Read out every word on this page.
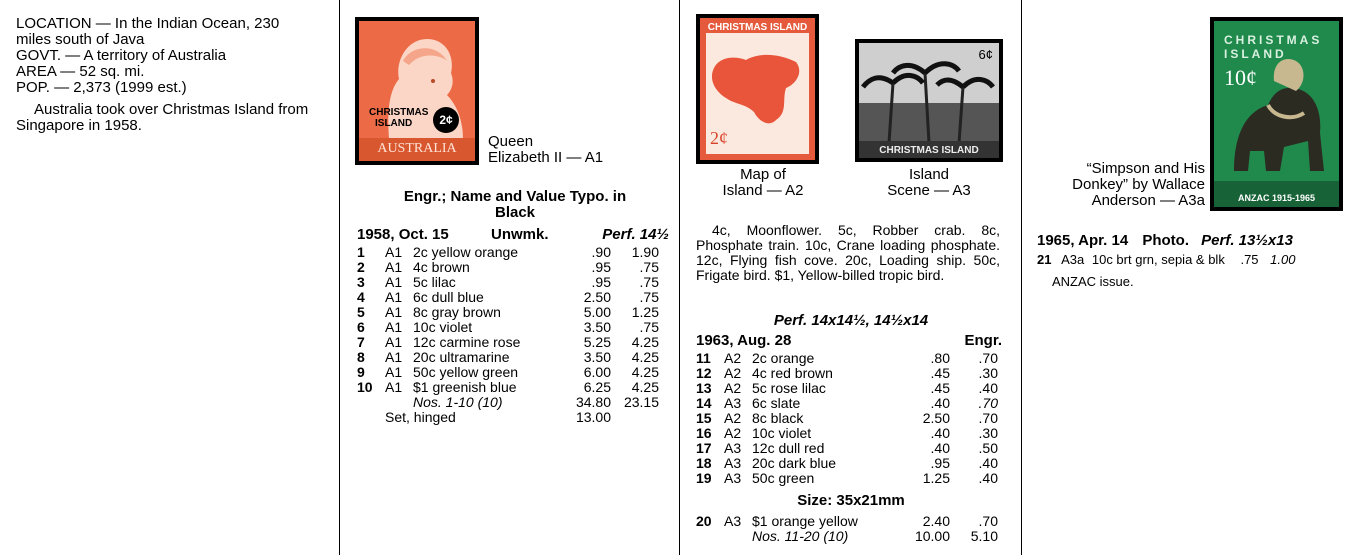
LOCATION — In the Indian Ocean, 230
miles south of Java
GOVT. — A territory of Australia
AREA — 52 sq. mi.
POP. — 2,373 (1999 est.)

Australia took over Christmas Island from Singapore in 1958.

CHRISTMAS
ISLAND	2¢
AUSTRALIA	Queen
Elizabeth II — A1
Engr.; Name and Value Typo. in
Black
1958, Oct. 15	Unwmk.	Perf. 14½
1	A1	2c yellow orange	.90	1.90
2	A1	4c brown	.95	.75
3	A1	5c lilac	.95	.75
4	A1	6c dull blue	2.50	.75
5	A1	8c gray brown	5.00	1.25
6	A1	10c violet	3.50	.75
7	A1	12c carmine rose	5.25	4.25
8	A1	20c ultramarine	3.50	4.25
9	A1	50c yellow green	6.00	4.25
10	A1	$1 greenish blue	6.25	4.25
		Nos. 1-10 (10)	34.80	23.15
	Set, hinged		13.00	
CHRISTMAS ISLAND
2¢
6¢
CHRISTMAS ISLAND
Map of
Island — A2
Island
Scene — A3
4c, Moonflower. 5c, Robber crab. 8c, Phosphate train. 10c, Crane loading phosphate. 12c, Flying fish cove. 20c, Loading ship. 50c, Frigate bird. $1, Yellow-billed tropic bird.
Perf. 14x14½, 14½x14
1963, Aug. 28	Engr.
11	A2	2c orange	.80	.70
12	A2	4c red brown	.45	.30
13	A2	5c rose lilac	.45	.40
14	A3	6c slate	.40	.70
15	A2	8c black	2.50	.70
16	A2	10c violet	.40	.30
17	A3	12c dull red	.40	.50
18	A3	20c dark blue	.95	.40
19	A3	50c green	1.25	.40
Size: 35x21mm
20	A3	$1 orange yellow	2.40	.70
		Nos. 11-20 (10)	10.00	5.10
CHRISTMAS
ISLAND
10¢
ANZAC 1915-1965
“Simpson and His
Donkey” by Wallace
Anderson — A3a
1965, Apr. 14 Photo. Perf. 13½x13
21 A3a 10c brt grn, sepia & blk .75 1.00
ANZAC issue.
